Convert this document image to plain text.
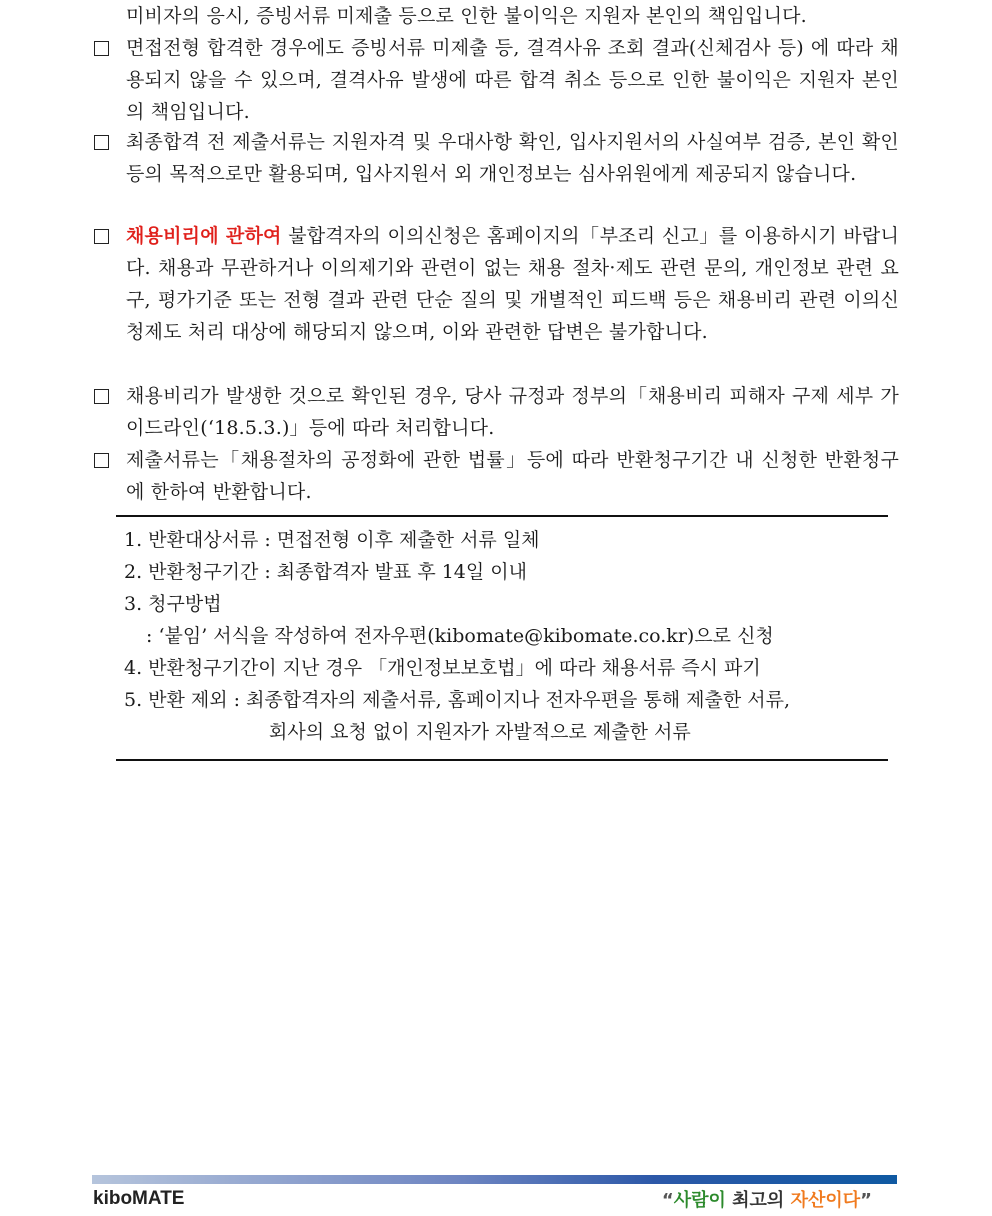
미비자의 응시, 증빙서류 미제출 등으로 인한 불이익은 지원자 본인의 책임입니다.
면접전형 합격한 경우에도 증빙서류 미제출 등, 결격사유 조회 결과(신체검사 등) 에 따라 채용되지 않을 수 있으며, 결격사유 발생에 따른 합격 취소 등으로 인한 불이익은 지원자 본인의 책임입니다.
최종합격 전 제출서류는 지원자격 및 우대사항 확인, 입사지원서의 사실여부 검증, 본인 확인 등의 목적으로만 활용되며, 입사지원서 외 개인정보는 심사위원에게 제공되지 않습니다.
채용비리에 관하여 불합격자의 이의신청은 홈페이지의「부조리 신고」를 이용하시기 바랍니다. 채용과 무관하거나 이의제기와 관련이 없는 채용 절차·제도 관련 문의, 개인정보 관련 요구, 평가기준 또는 전형 결과 관련 단순 질의 및 개별적인 피드백 등은 채용비리 관련 이의신청제도 처리 대상에 해당되지 않으며, 이와 관련한 답변은 불가합니다.
채용비리가 발생한 것으로 확인된 경우, 당사 규정과 정부의「채용비리 피해자 구제 세부 가이드라인(‘18.5.3.)」등에 따라 처리합니다.
제출서류는「채용절차의 공정화에 관한 법률」등에 따라 반환청구기간 내 신청한 반환청구에 한하여 반환합니다.
1. 반환대상서류 : 면접전형 이후 제출한 서류 일체
2. 반환청구기간 : 최종합격자 발표 후 14일 이내
3. 청구방법
: ‘붙임’ 서식을 작성하여 전자우편(kibomate@kibomate.co.kr)으로 신청
4. 반환청구기간이 지난 경우 「개인정보보호법」에 따라 채용서류 즉시 파기
5. 반환 제외 : 최종합격자의 제출서류, 홈페이지나 전자우편을 통해 제출한 서류,
회사의 요청 없이 지원자가 자발적으로 제출한 서류
kiboMATE	“사람이 최고의 자산이다”
